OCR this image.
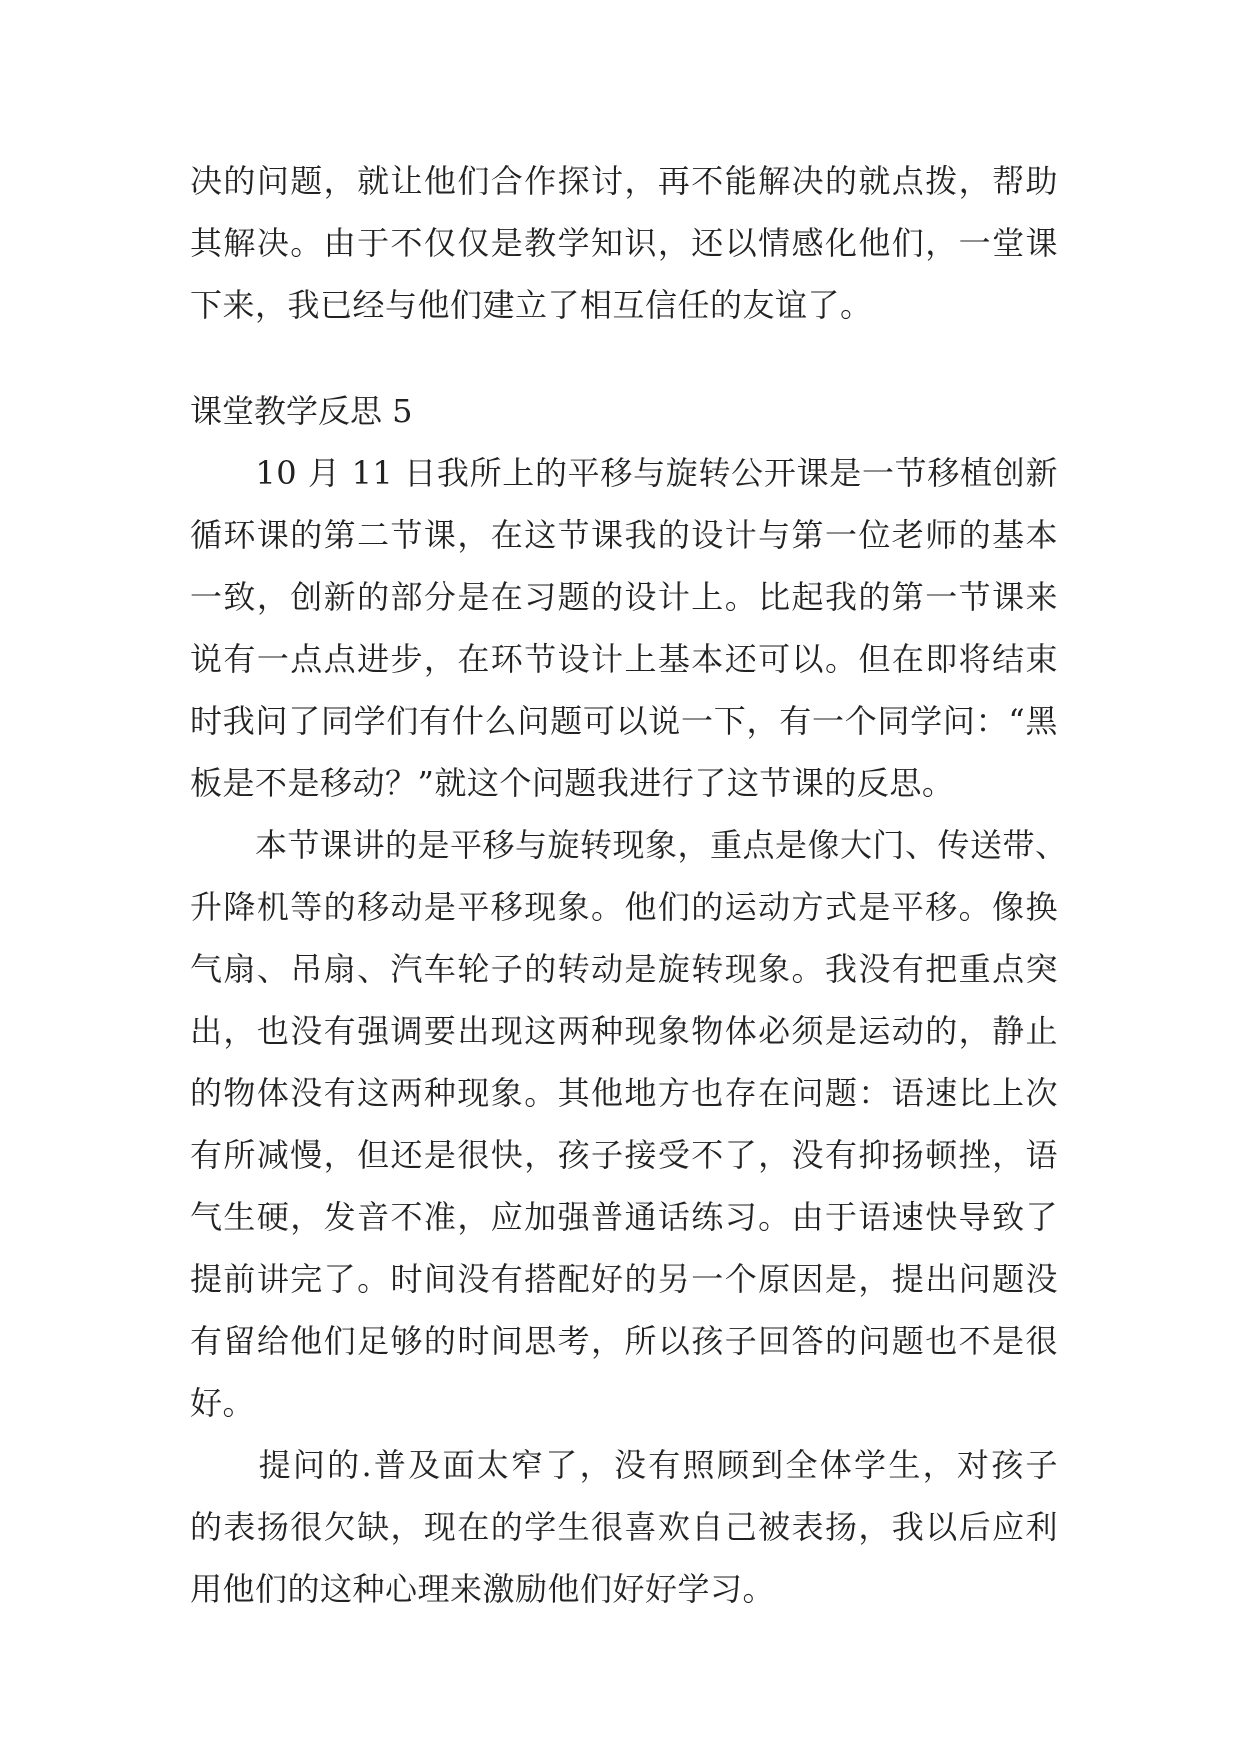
决的问题，就让他们合作探讨，再不能解决的就点拨，帮助
其解决。由于不仅仅是教学知识，还以情感化他们，一堂课
下来，我已经与他们建立了相互信任的友谊了。
课堂教学反思 5
　　10 月 11 日我所上的平移与旋转公开课是一节移植创新
循环课的第二节课，在这节课我的设计与第一位老师的基本
一致，创新的部分是在习题的设计上。比起我的第一节课来
说有一点点进步，在环节设计上基本还可以。但在即将结束
时我问了同学们有什么问题可以说一下，有一个同学问：“黑
板是不是移动？”就这个问题我进行了这节课的反思。
　　本节课讲的是平移与旋转现象，重点是像大门、传送带、
升降机等的移动是平移现象。他们的运动方式是平移。像换
气扇、吊扇、汽车轮子的转动是旋转现象。我没有把重点突
出，也没有强调要出现这两种现象物体必须是运动的，静止
的物体没有这两种现象。其他地方也存在问题：语速比上次
有所减慢，但还是很快，孩子接受不了，没有抑扬顿挫，语
气生硬，发音不准，应加强普通话练习。由于语速快导致了
提前讲完了。时间没有搭配好的另一个原因是，提出问题没
有留给他们足够的时间思考，所以孩子回答的问题也不是很
好。
　　提问的.普及面太窄了，没有照顾到全体学生，对孩子
的表扬很欠缺，现在的学生很喜欢自己被表扬，我以后应利
用他们的这种心理来激励他们好好学习。
